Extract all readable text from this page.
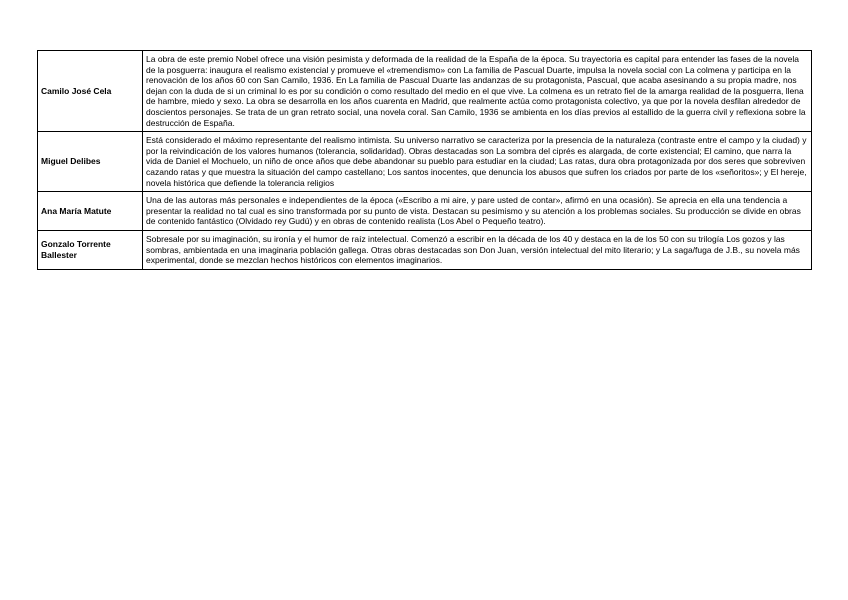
Camilo José Cela	La obra de este premio Nobel ofrece una visión pesimista y deformada de la realidad de la España de la época. Su trayectoria es capital para entender las fases de la novela de la posguerra: inaugura el realismo existencial y promueve el «tremendismo» con La familia de Pascual Duarte, impulsa la novela social con La colmena y participa en la renovación de los años 60 con San Camilo, 1936. En La familia de Pascual Duarte las andanzas de su protagonista, Pascual, que acaba asesinando a su propia madre, nos dejan con la duda de si un criminal lo es por su condición o como resultado del medio en el que vive. La colmena es un retrato fiel de la amarga realidad de la posguerra, llena de hambre, miedo y sexo. La obra se desarrolla en los años cuarenta en Madrid, que realmente actúa como protagonista colectivo, ya que por la novela desfilan alrededor de doscientos personajes. Se trata de un gran retrato social, una novela coral. San Camilo, 1936 se ambienta en los días previos al estallido de la guerra civil y reflexiona sobre la destrucción de España.
Miguel Delibes	Está considerado el máximo representante del realismo intimista. Su universo narrativo se caracteriza por la presencia de la naturaleza (contraste entre el campo y la ciudad) y por la reivindicación de los valores humanos (tolerancia, solidaridad). Obras destacadas son La sombra del ciprés es alargada, de corte existencial; El camino, que narra la vida de Daniel el Mochuelo, un niño de once años que debe abandonar su pueblo para estudiar en la ciudad; Las ratas, dura obra protagonizada por dos seres que sobreviven cazando ratas y que muestra la situación del campo castellano; Los santos inocentes, que denuncia los abusos que sufren los criados por parte de los «señoritos»; y El hereje, novela histórica que defiende la tolerancia religios
Ana María Matute	Una de las autoras más personales e independientes de la época («Escribo a mi aire, y pare usted de contar», afirmó en una ocasión). Se aprecia en ella una tendencia a presentar la realidad no tal cual es sino transformada por su punto de vista. Destacan su pesimismo y su atención a los problemas sociales. Su producción se divide en obras de contenido fantástico (Olvidado rey Gudú) y en obras de contenido realista (Los Abel o Pequeño teatro).
Gonzalo Torrente Ballester	Sobresale por su imaginación, su ironía y el humor de raíz intelectual. Comenzó a escribir en la década de los 40 y destaca en la de los 50 con su trilogía Los gozos y las sombras, ambientada en una imaginaria población gallega. Otras obras destacadas son Don Juan, versión intelectual del mito literario; y La saga/fuga de J.B., su novela más experimental, donde se mezclan hechos históricos con elementos imaginarios.
